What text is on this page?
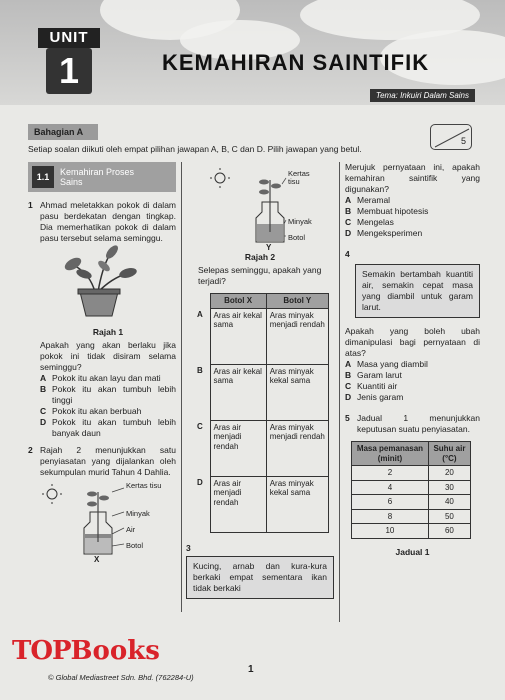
UNIT
1	KEMAHIRAN SAINTIFIK
Tema: Inkuiri Dalam Sains
Bahagian A
5
Setiap soalan diikuti oleh empat pilihan jawapan A, B, C dan D. Pilih jawapan yang betul.
1.1	Kemahiran Proses Sains
1 Ahmad meletakkan pokok di dalam pasu berdekatan dengan tingkap. Dia memerhatikan pokok di dalam pasu tersebut selama seminggu.
Rajah 1
Apakah yang akan berlaku jika pokok ini tidak disiram selama seminggu?
A Pokok itu akan layu dan mati
B Pokok itu akan tumbuh lebih tinggi
C Pokok itu akan berbuah
D Pokok itu akan tumbuh lebih banyak daun
2 Rajah 2 menunjukkan satu penyiasatan yang dijalankan oleh sekumpulan murid Tahun 4 Dahlia.
Kertas tisu
Minyak
Air
Botol
X
Kertas tisu
Minyak
Botol
Y
Rajah 2
Selepas seminggu, apakah yang terjadi?
	Botol X	Botol Y
A	Aras air kekal sama	Aras minyak menjadi rendah
B	Aras air kekal sama	Aras minyak kekal sama
C	Aras air menjadi rendah	Aras minyak menjadi rendah
D	Aras air menjadi rendah	Aras minyak kekal sama
3
Kucing, arnab dan kura-kura berkaki empat sementara ikan tidak berkaki
Merujuk pernyataan ini, apakah kemahiran saintifik yang digunakan?
A Meramal
B Membuat hipotesis
C Mengelas
D Mengeksperimen
4
Semakin bertambah kuantiti air, semakin cepat masa yang diambil untuk garam larut.
Apakah yang boleh ubah dimanipulasi bagi pernyataan di atas?
A Masa yang diambil
B Garam larut
C Kuantiti air
D Jenis garam
5 Jadual 1 menunjukkan keputusan suatu penyiasatan.
Masa pemanasan (minit)	Suhu air (°C)
2	20
4	30
6	40
8	50
10	60
Jadual 1
TOPBooks
© Global Mediastreet Sdn. Bhd. (762284-U)
1
